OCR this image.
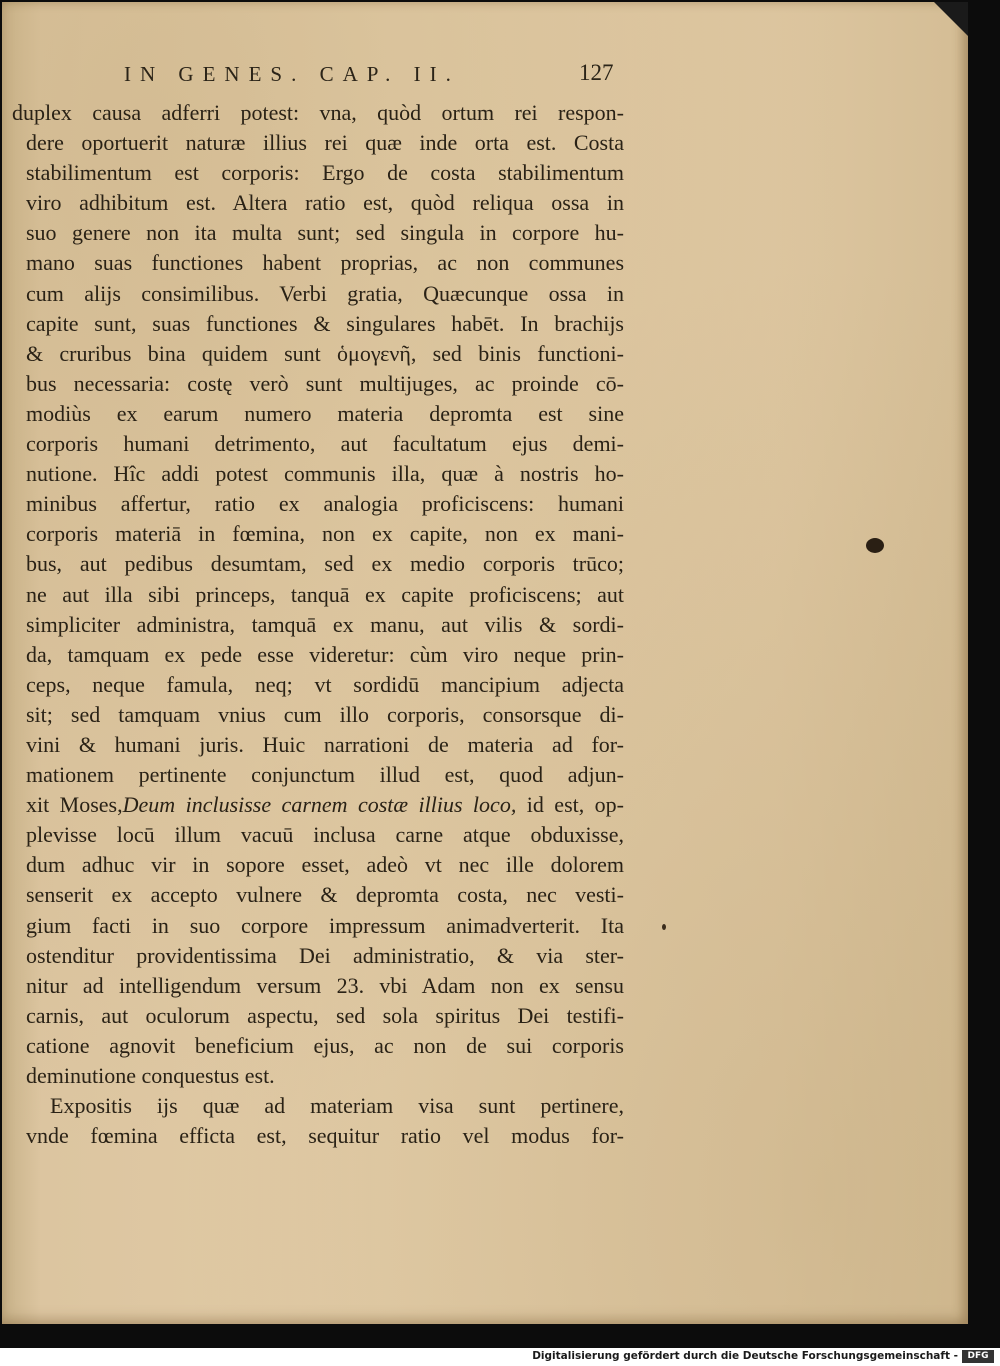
IN GENES. CAP. II.	127
duplex causa adferri potest: vna, quòd ortum rei respon-
dere oportuerit naturæ illius rei quæ inde orta est. Costa
stabilimentum est corporis: Ergo de costa stabilimentum
viro adhibitum est. Altera ratio est, quòd reliqua ossa in
suo genere non ita multa sunt; sed singula in corpore hu-
mano suas functiones habent proprias, ac non communes
cum alijs consimilibus. Verbi gratia, Quæcunque ossa in
capite sunt, suas functiones & singulares habēt. In brachijs
& cruribus bina quidem sunt ὁμογενῆ, sed binis functioni-
bus necessaria: costę verò sunt multijuges, ac proinde cō-
modiùs ex earum numero materia depromta est sine
corporis humani detrimento, aut facultatum ejus demi-
nutione. Hîc addi potest communis illa, quæ à nostris ho-
minibus affertur, ratio ex analogia proficiscens: humani
corporis materiā in fœmina, non ex capite, non ex mani-
bus, aut pedibus desumtam, sed ex medio corporis trūco;
ne aut illa sibi princeps, tanquā ex capite proficiscens; aut
simpliciter administra, tamquā ex manu, aut vilis & sordi-
da, tamquam ex pede esse videretur: cùm viro neque prin-
ceps, neque famula, neq; vt sordidū mancipium adjecta
sit; sed tamquam vnius cum illo corporis, consorsque di-
vini & humani juris. Huic narrationi de materia ad for-
mationem pertinente conjunctum illud est, quod adjun-
xit Moses,Deum inclusisse carnem costæ illius loco, id est, op-
plevisse locū illum vacuū inclusa carne atque obduxisse,
dum adhuc vir in sopore esset, adeò vt nec ille dolorem
senserit ex accepto vulnere & depromta costa, nec vesti-
gium facti in suo corpore impressum animadverterit. Ita
ostenditur providentissima Dei administratio, & via ster-
nitur ad intelligendum versum 23. vbi Adam non ex sensu
carnis, aut oculorum aspectu, sed sola spiritus Dei testifi-
catione agnovit beneficium ejus, ac non de sui corporis
deminutione conquestus est.
Expositis ijs quæ ad materiam visa sunt pertinere,
vnde fœmina efficta est, sequitur ratio vel modus for-
Digitalisierung gefördert durch die Deutsche Forschungsgemeinschaft -	DFG
